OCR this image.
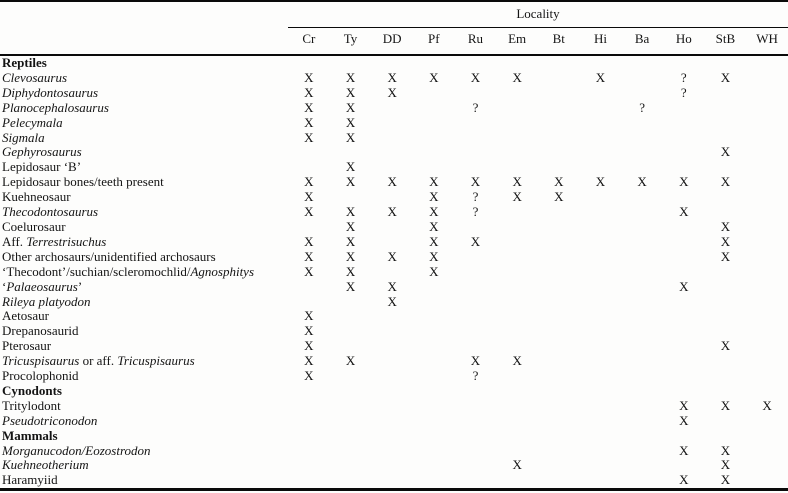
	Locality											
	Cr	Ty	DD	Pf	Ru	Em	Bt	Hi	Ba	Ho	StB	WH
Reptiles												
Clevosaurus	X	X	X	X	X	X		X		?	X	
Diphydontosaurus	X	X	X							?		
Planocephalosaurus	X	X			?				?			
Pelecymala	X	X										
Sigmala	X	X										
Gephyrosaurus											X	
Lepidosaur ‘B’		X										
Lepidosaur bones/teeth present	X	X	X	X	X	X	X	X	X	X	X	
Kuehneosaur	X			X	?	X	X					
Thecodontosaurus	X	X	X	X	?					X		
Coelurosaur		X		X							X	
Aff. Terrestrisuchus	X	X		X	X						X	
Other archosaurs/unidentified archosaurs	X	X	X	X							X	
‘Thecodont’/suchian/scleromochlid/Agnosphitys	X	X		X								
‘Palaeosaurus’		X	X							X		
Rileya platyodon			X									
Aetosaur	X											
Drepanosaurid	X											
Pterosaur	X										X	
Tricuspisaurus or aff. Tricuspisaurus	X	X			X	X						
Procolophonid	X				?							
Cynodonts												
Tritylodont										X	X	X
Pseudotriconodon										X		
Mammals												
Morganucodon/Eozostrodon										X	X	
Kuehneotherium						X					X	
Haramyiid										X	X	
